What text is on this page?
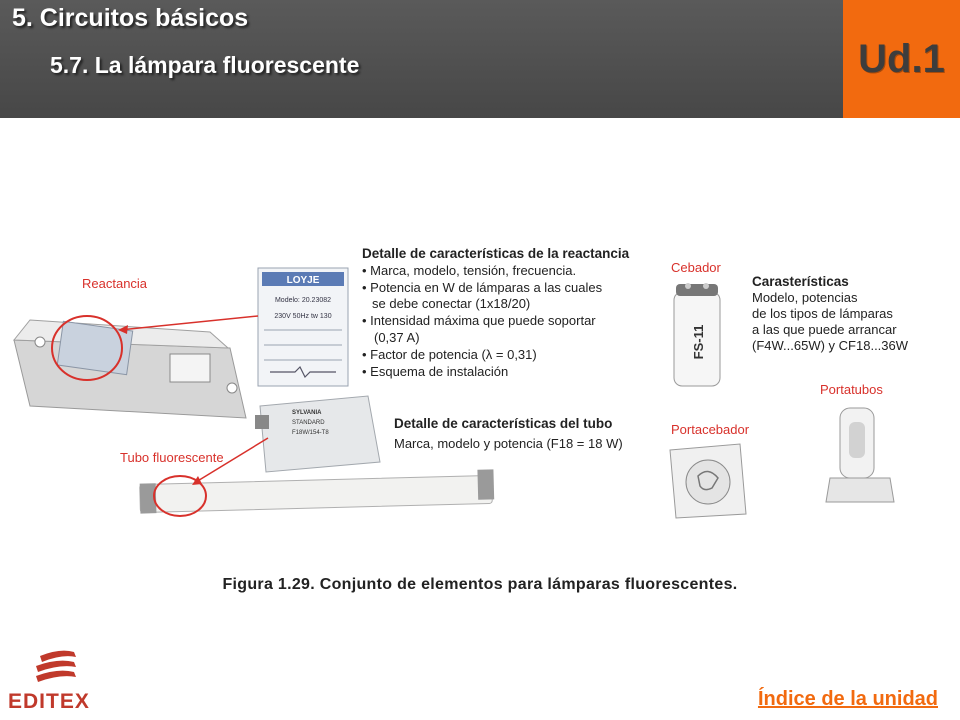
5. Circuitos básicos
5.7. La lámpara fluorescente	Ud.1
LOYJE
Modelo: 20.23082
230V 50Hz tw 130
Reactancia
Detalle de características de la reactancia
• Marca, modelo, tensión, frecuencia.
• Potencia en W de lámparas a las cuales
se debe conectar (1x18/20)
• Intensidad máxima que puede soportar
(0,37 A)
• Factor de potencia (λ = 0,31)
• Esquema de instalación
Cebador
FS-11
Carasterísticas
Modelo, potencias
de los tipos de lámparas
a las que puede arrancar
(F4W...65W) y CF18...36W
SYLVANIA
STANDARD
F18W/154-T8
Detalle de características del tubo
Marca, modelo y potencia (F18 = 18 W)
Tubo fluorescente
Portacebador
Portatubos
Figura 1.29. Conjunto de elementos para lámparas fluorescentes.
EDITEX	Índice de la unidad
